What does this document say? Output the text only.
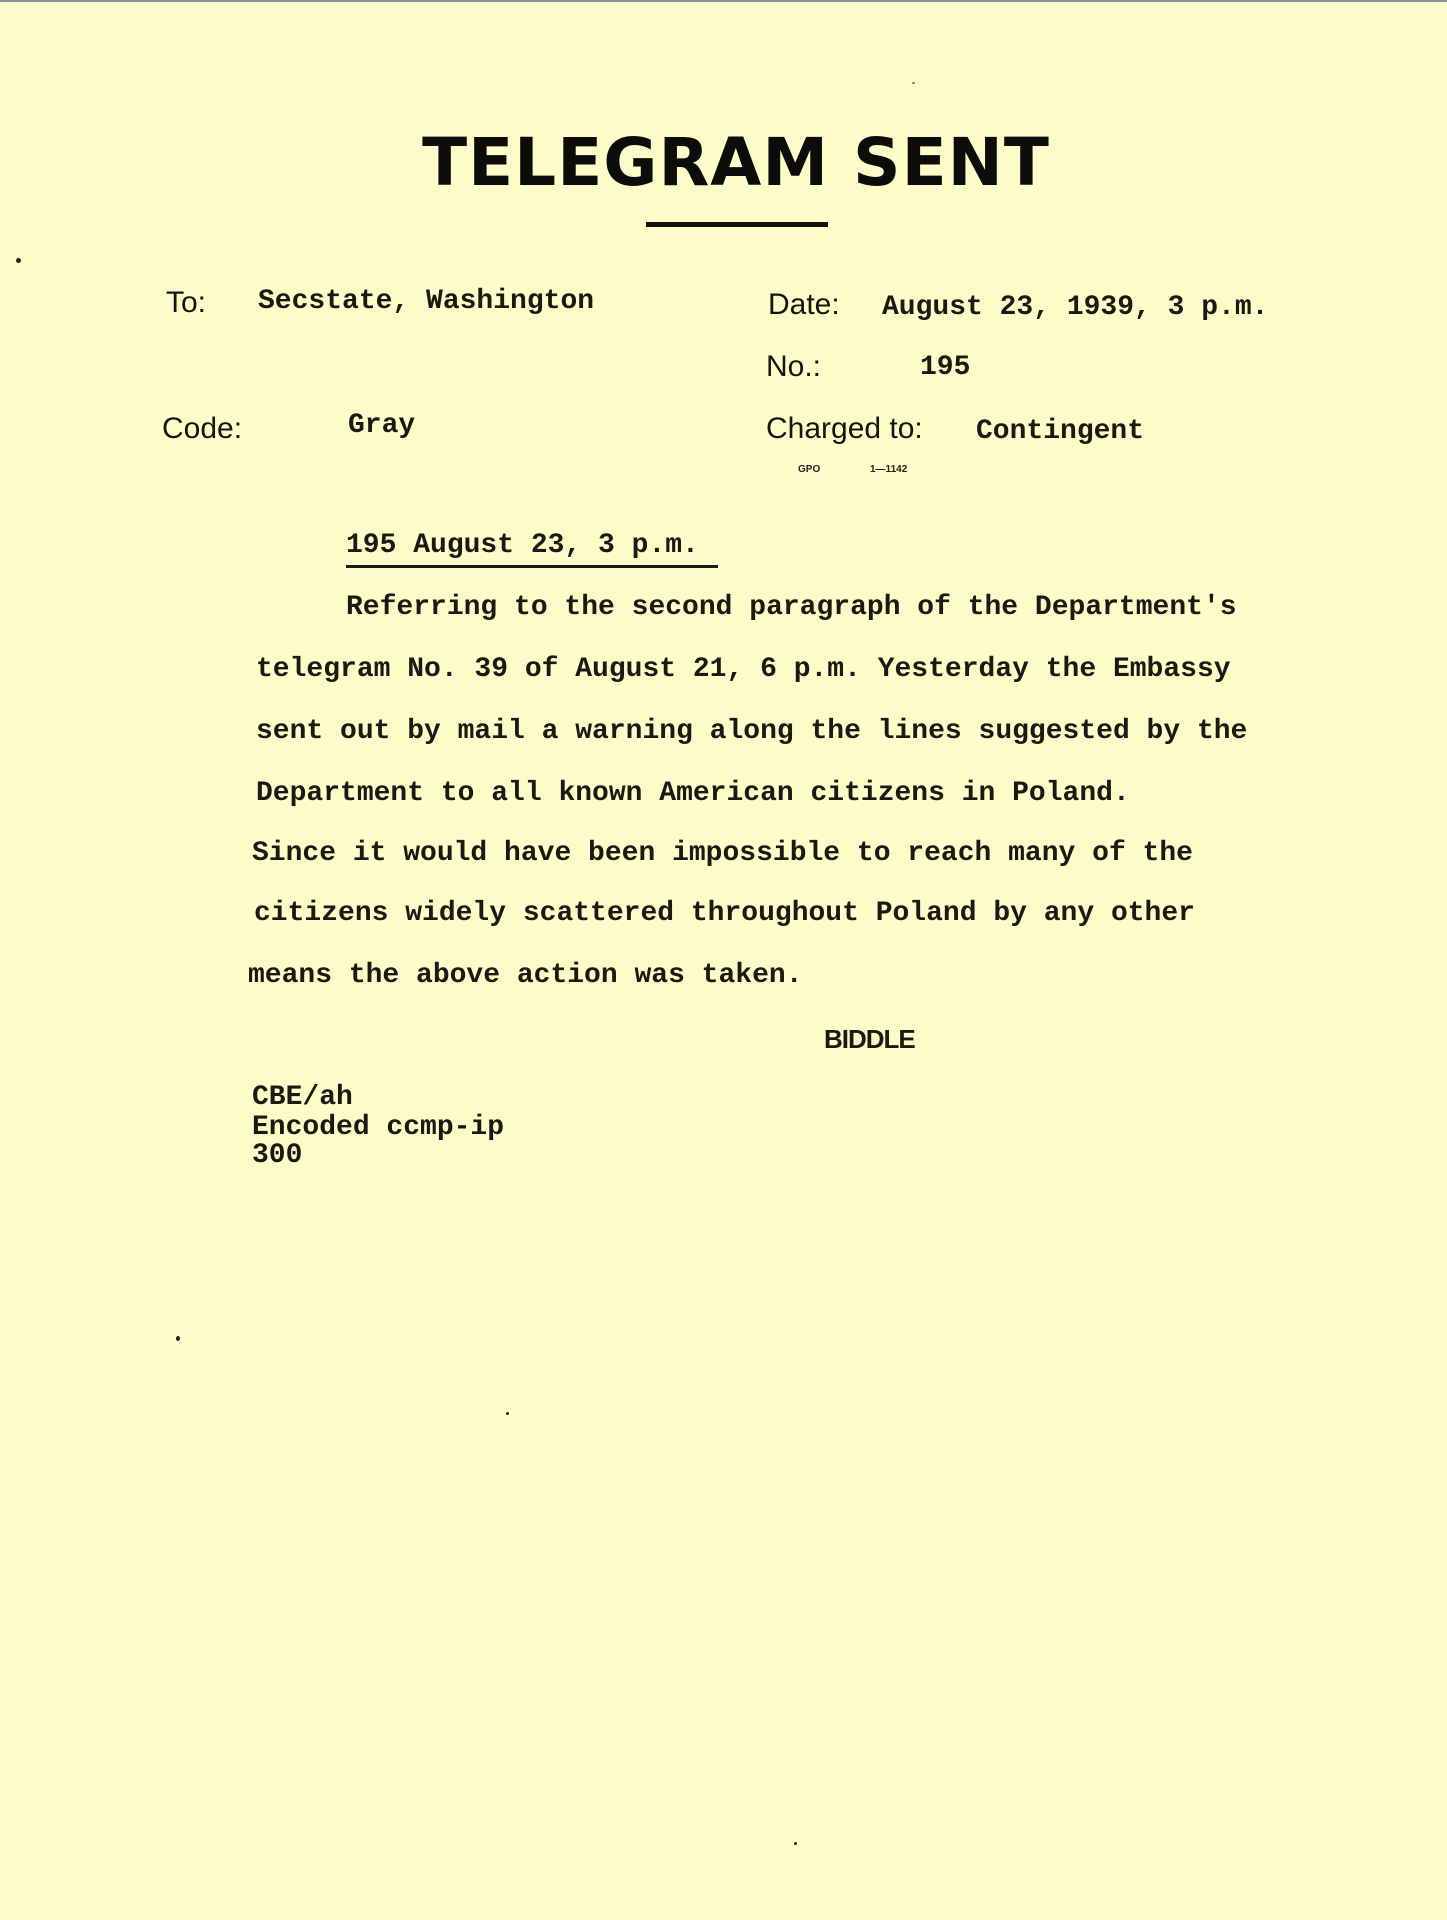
TELEGRAM SENT
To: Secstate, Washington	Date: August 23, 1939, 3 p.m.
No.:	195
Code:	Gray	Charged to: Contingent
GPO	1—1142
195 August 23, 3 p.m.
Referring to the second paragraph of the Department's
telegram No. 39 of August 21, 6 p.m. Yesterday the Embassy
sent out by mail a warning along the lines suggested by the
Department to all known American citizens in Poland.
Since it would have been impossible to reach many of the
citizens widely scattered throughout Poland by any other
means the above action was taken.
BIDDLE
CBE/ah
Encoded ccmp-ip
300
